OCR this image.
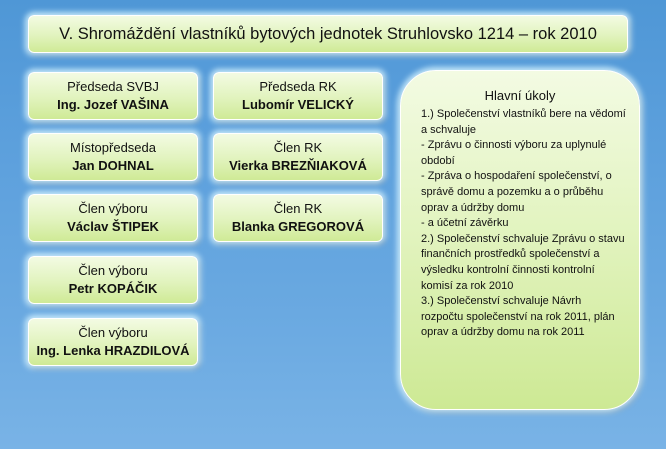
V. Shromáždění vlastníků bytových jednotek Struhlovsko 1214 – rok 2010
Předseda SVBJ
Ing. Jozef VAŠINA
Místopředseda
Jan DOHNAL
Člen výboru
Václav ŠTIPEK
Člen výboru
Petr KOPÁČIK
Člen výboru
Ing. Lenka HRAZDILOVÁ
Předseda RK
Lubomír VELICKÝ
Člen RK
Vierka BREZŇIAKOVÁ
Člen RK
Blanka GREGOROVÁ
Hlavní úkoly
1.) Společenství vlastníků bere na vědomí a schvaluje
- Zprávu o činnosti výboru za uplynulé období
- Zpráva o hospodaření společenství, o správě domu a pozemku a o průběhu oprav a údržby domu
- a účetní závěrku
2.) Společenství schvaluje Zprávu o stavu finančních prostředků společenství a výsledku kontrolní činnosti kontrolní komisí za rok 2010
3.) Společenství schvaluje Návrh rozpočtu společenství na rok 2011, plán oprav a údržby domu na rok 2011
